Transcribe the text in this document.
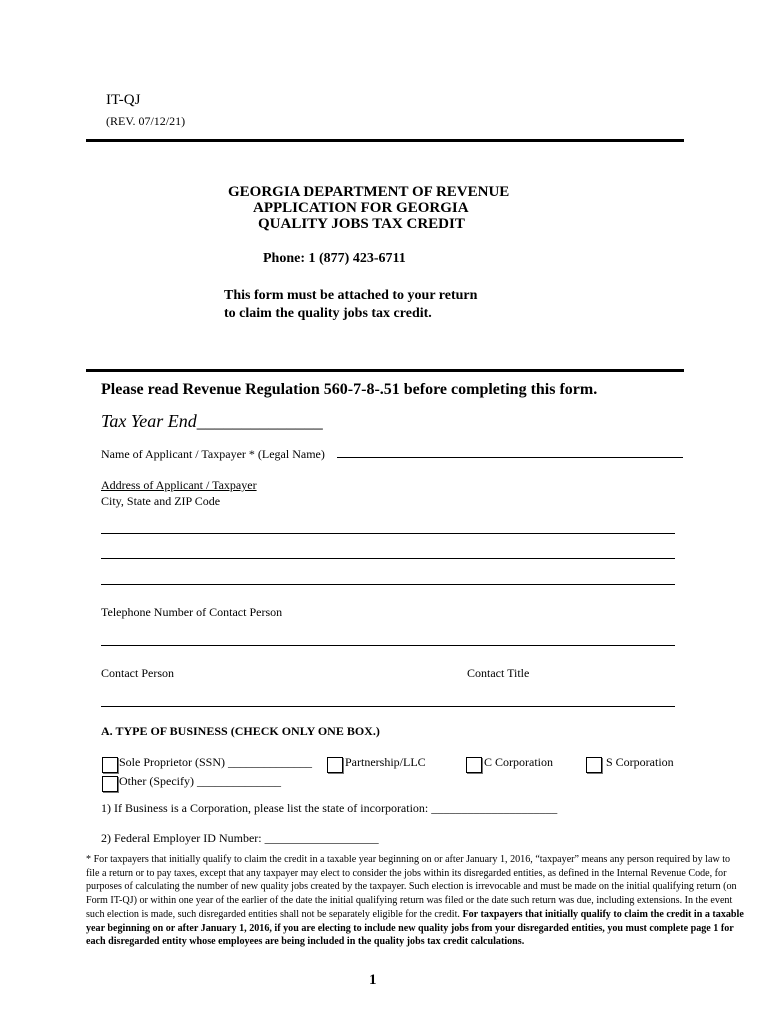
IT-QJ
(REV. 07/12/21)
GEORGIA DEPARTMENT OF REVENUE
APPLICATION FOR GEORGIA
QUALITY JOBS TAX CREDIT
Phone: 1 (877) 423-6711
This form must be attached to your return
to claim the quality jobs tax credit.
Please read Revenue Regulation 560-7-8-.51 before completing this form.
Tax Year End______________
Name of Applicant / Taxpayer * (Legal Name)
Address of Applicant / Taxpayer
City, State and ZIP Code
Telephone Number of Contact Person
Contact Person	Contact Title
A. TYPE OF BUSINESS (CHECK ONLY ONE BOX.)
Sole Proprietor (SSN) ______________	Partnership/LLC	C Corporation	S Corporation
Other (Specify) ______________
1) If Business is a Corporation, please list the state of incorporation: _____________________
2) Federal Employer ID Number: ___________________
* For taxpayers that initially qualify to claim the credit in a taxable year beginning on or after January 1, 2016, “taxpayer” means any person required by law to file a return or to pay taxes, except that any taxpayer may elect to consider the jobs within its disregarded entities, as defined in the Internal Revenue Code, for purposes of calculating the number of new quality jobs created by the taxpayer. Such election is irrevocable and must be made on the initial qualifying return (on Form IT-QJ) or within one year of the earlier of the date the initial qualifying return was filed or the date such return was due, including extensions. In the event such election is made, such disregarded entities shall not be separately eligible for the credit. For taxpayers that initially qualify to claim the credit in a taxable year beginning on or after January 1, 2016, if you are electing to include new quality jobs from your disregarded entities, you must complete page 1 for each disregarded entity whose employees are being included in the quality jobs tax credit calculations.
1
